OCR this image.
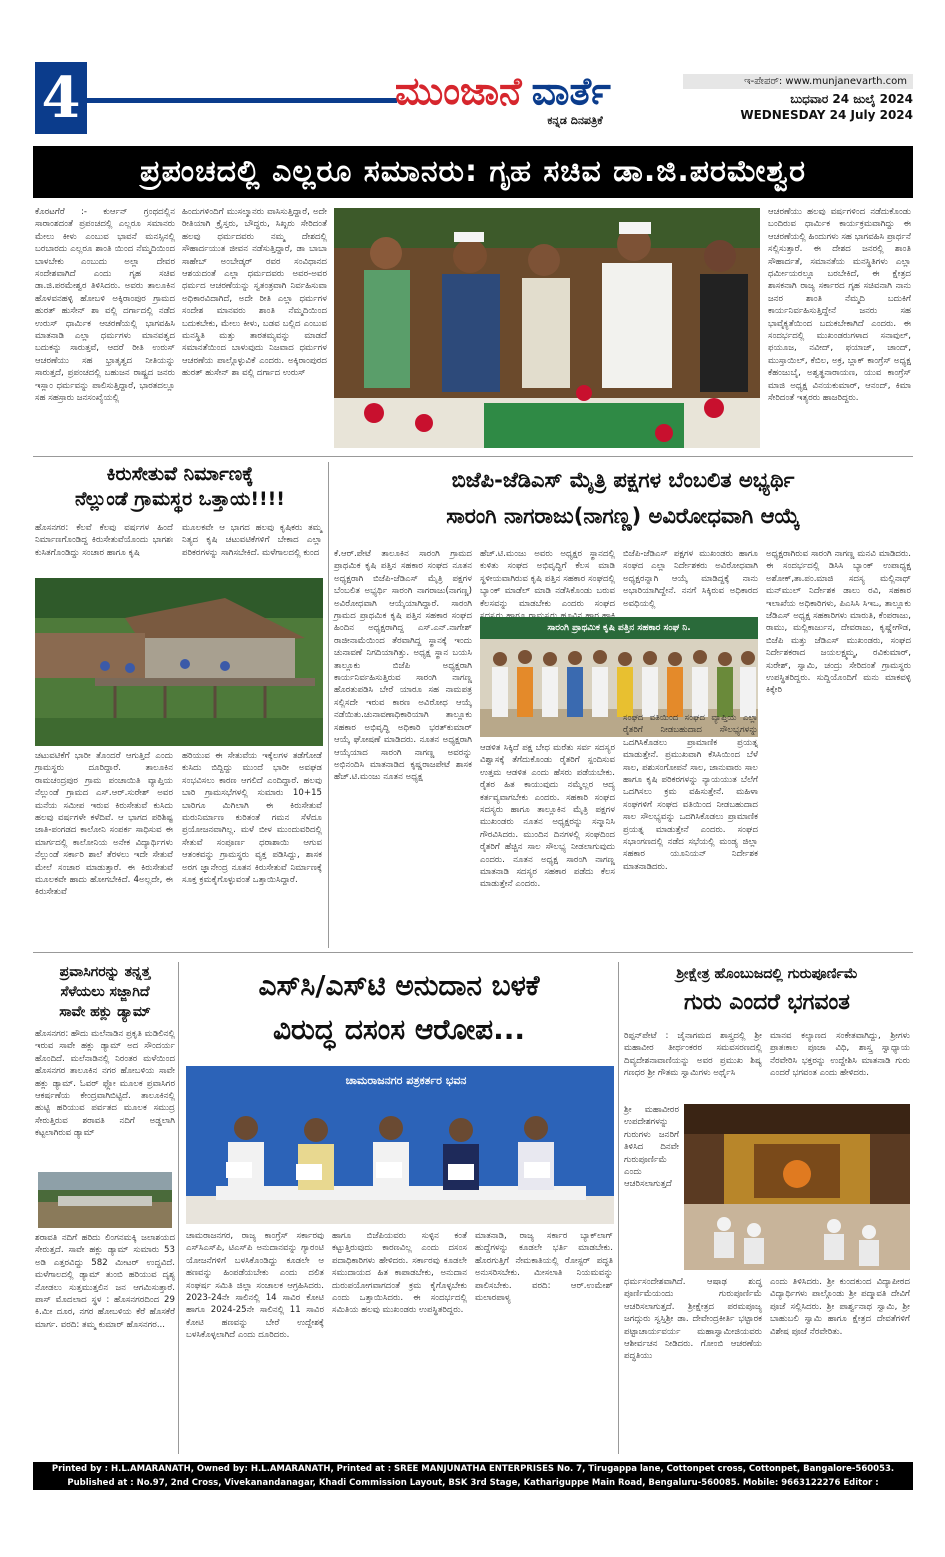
4	ಮುಂಜಾನೆ ವಾರ್ತೆ
ಕನ್ನಡ ದಿನಪತ್ರಿಕೆ
ಇ-ಪೇಪರ್: www.munjanevarth.com
ಬುಧವಾರ 24 ಜುಲೈ 2024
WEDNESDAY 24 July 2024
ಪ್ರಪಂಚದಲ್ಲಿ ಎಲ್ಲರೂ ಸಮಾನರು: ಗೃಹ ಸಚಿವ ಡಾ.ಜಿ.ಪರಮೇಶ್ವರ
ಕೊರಟಗೆರೆ :- ಕುರ್ಆನ್ ಗ್ರಂಥದಲ್ಲಿನ ಸಾರಾಂಶದಂತೆ ಪ್ರಪಂಚದಲ್ಲಿ ಎಲ್ಲರೂ ಸಮಾನರು ಮೇಲು ಕೀಳು ಎಂಬುವ ಭಾವನೆ ಮನಸ್ಸಿನಲ್ಲಿ ಬರಬಾರದು ಎಲ್ಲರೂ ಶಾಂತಿ ಯಿಂದ ನೆಮ್ಮದಿಯಿಂದ ಬಾಳಬೇಕು ಎಂಬುದು ಅಲ್ಲಾ ದೇವರ ಸಂದೇಶವಾಗಿದೆ ಎಂದು ಗೃಹ ಸಚಿವ ಡಾ.ಜಿ.ಪರಮೇಶ್ವರ ತಿಳಿಸಿದರು. ಅವರು ತಾಲೂಕಿನ ಹೊಳವನಹಳ್ಳಿ ಹೋಬಳಿ ಅಕ್ಕಿರಾಂಪುರ ಗ್ರಾಮದ ಹುರತ್ ಹುಸೇನ್ ಶಾ ವಲ್ಲಿ ದರ್ಗಾದಲ್ಲಿ ನಡೆದ ಉರುಸ್ ಧಾರ್ಮಿಕ ಆಚರಣೆಯಲ್ಲಿ ಭಾಗವಹಿಸಿ ಮಾತನಾಡಿ ಎಲ್ಲಾ ಧರ್ಮಗಳು ಮಾನವತ್ವದ ಬದುಕನ್ನು ಸಾರುತ್ತವೆ, ಆದರೆ ರೀತಿ ಉರುಸ್ ಆಚರಣೆಯು ಸಹ ಭ್ರಾತೃತ್ವದ ನೀತಿಯನ್ನು ಸಾರುತ್ತದೆ, ಪ್ರಪಂಚದಲ್ಲಿ ಬಹುಜನ ರಾಷ್ಟ್ರದ ಜನರು ಇಸ್ಲಾಂ ಧರ್ಮವನ್ನು ಪಾಲಿಸುತ್ತಿದ್ದಾರೆ, ಭಾರತದಲ್ಲೂ ಸಹ ಸಹಸ್ರಾರು ಜನಸಂಖ್ಯೆಯಲ್ಲಿ
ಹಿಂದುಗಳಿಂದಿಗೆ ಮುಸಲ್ಮಾನರು ವಾಸಿಸುತ್ತಿದ್ದಾರೆ, ಅದೇ ರೀತಿಯಾಗಿ ಕ್ರೈಸ್ತರು, ಬೌದ್ಧರು, ಸಿಖ್ಖರು ಸೇರಿದಂತೆ ಹಲವು ಧರ್ಮದವರು ನಮ್ಮ ದೇಶದಲ್ಲಿ ಸೌಹಾರ್ದಯುತ ಜೀವನ ನಡೆಸುತ್ತಿದ್ದಾರೆ, ಡಾ ಬಾಬಾ ಸಾಹೇಬ್ ಅಂಬೇಡ್ಕರ್ ರವರ ಸಂವಿಧಾನದ ಆಶಯದಂತೆ ಎಲ್ಲಾ ಧರ್ಮದವರು ಅವರ-ಅವರ ಧರ್ಮದ ಆಚರಣೆಯನ್ನು ಸ್ವತಂತ್ರವಾಗಿ ನಿರ್ವಹಿಸುವಾ ಅಧಿಕಾರವಿದಾಗಿದೆ, ಅದೇ ರೀತಿ ಎಲ್ಲಾ ಧರ್ಮಗಳ ಸಂದೇಶ ಮಾನವರು ಶಾಂತಿ ನೆಮ್ಮದಿಯಿಂದ ಬದುಕಬೇಕು, ಮೇಲು ಕೀಳು, ಬಡವ ಬಲ್ಲಿದ ಎಂಬುವ ಮನಸ್ಥಿತಿ ಮತ್ತು ತಾರತಮ್ಯವನ್ನು ಮಾಡದೆ ಸಮಾನತೆಯಿಂದ ಬಾಳುವುದು ನಿಜವಾದ ಧರ್ಮಗಳ ಆಚರಣೆಯ ಪಾಲ್ಗೊಳ್ಳುವಿಕೆ ಎಂದರು. ಅಕ್ಕಿರಾಂಪುರದ ಹುರತ್ ಹುಸೇನ್ ಶಾ ವಲ್ಲಿ ದರ್ಗಾದ ಉರುಸ್
ಆಚರಣೆಯು ಹಲವು ವರ್ಷಗಳಿಂದ ನಡೆದುಕೊಂಡು ಬಂದಿರುವ ಧಾರ್ಮಿಕ ಕಾರ್ಯಕ್ರಮವಾಗಿದ್ದು ಈ ಆಚರಣೆಯಲ್ಲಿ ಹಿಂದುಗಳು ಸಹ ಭಾಗವಹಿಸಿ ಪ್ರಾರ್ಥನೆ ಸಲ್ಲಿಸುತ್ತಾರೆ. ಈ ದೇಶದ ಜನರಲ್ಲಿ ಶಾಂತಿ ಸೌಹಾರ್ದತೆ, ಸಮಾನತೆಯ ಮನಸ್ಥಿತಿಗಳು ಎಲ್ಲಾ ಧರ್ಮೀಯರಲ್ಲೂ ಬರಬೇಕಿದೆ, ಈ ಕ್ಷೇತ್ರದ ಶಾಸಕನಾಗಿ ರಾಜ್ಯ ಸರ್ಕಾರದ ಗೃಹ ಸಚಿವನಾಗಿ ನಾನು ಜನರ ಶಾಂತಿ ನೆಮ್ಮದಿ ಬದುಕಿಗೆ ಕಾರ್ಯನಿರ್ವಹಿಸುತ್ತಿದ್ದೇನೆ ಜನರು ಸಹ ಭಾವೈಕ್ಯತೆಯಿಂದ ಬದುಕಬೇಕಾಗಿದೆ ಎಂದರು. ಈ ಸಂದರ್ಭದಲ್ಲಿ ಮುಖಂಡರುಗಳಾದ ಸನಾವುಲ್, ಫಯೂಜ, ನವೀದ್, ಫಯಾಜ್, ಚಾಂದ್, ಮುಸ್ತಾಯಿಲ್, ಕೆಬಿಲ, ಅಕ್ರ, ಬ್ಲಾಕ್ ಕಾಂಗ್ರೆಸ್ ಅಧ್ಯಕ್ಷ ಕೆಹಂಜುಬೈ, ಅಶ್ವತ್ಥನಾರಾಯಣ, ಯುವ ಕಾಂಗ್ರೆಸ್ ಮಾಜಿ ಅಧ್ಯಕ್ಷ ವಿನಯಕುಮಾರ್, ಆನಂದ್, ಕಿಮಾ ಸೇರಿದಂತೆ ಇತ್ಯರರು ಹಾಜರಿದ್ದರು.
ಕಿರುಸೇತುವೆ ನಿರ್ಮಾಣಕ್ಕೆ
ನೆಲ್ಲುಂಡೆ ಗ್ರಾಮಸ್ಥರ ಒತ್ತಾಯ!!!!
ಹೊಸನಗರ: ಕೆಲವೆ ಕೆಲವು ವರ್ಷಗಳ ಹಿಂದೆ ನಿರ್ಮಾಣಗೊಂಡಿದ್ದ ಕಿರುಸೇತುವೆಯೊಂದು ಭಾಗಶಃ ಕುಸಿತಗೊಂಡಿದ್ದು ಸಂಚಾರ ಹಾಗೂ ಕೃಷಿ
ಮೂಲಕವೇ ಆ ಭಾಗದ ಹಲವು ಕೃಷಿಕರು ತಮ್ಮ ನಿತ್ಯದ ಕೃಷಿ ಚಟುವಟಿಕೆಗಳಿಗೆ ಬೇಕಾದ ಎಲ್ಲಾ ಪರಿಕರಗಳನ್ನು ಸಾಗಿಸಬೇಕಿದೆ. ಮಳೆಗಾಲದಲ್ಲಿ ಕುಂದ
ಚಟುವಟಿಕೆಗೆ ಭಾರೀ ತೊಂದರೆ ಆಗುತ್ತಿದೆ ಎಂದು ಗ್ರಾಮಸ್ಥರು ದೂರಿದ್ದಾರೆ. ತಾಲೂಕಿನ ರಾಮಚಂದ್ರಪುರ ಗ್ರಾಮ ಪಂಚಾಯಿತಿ ವ್ಯಾಪ್ತಿಯ ನೆಲ್ಲುಂಡೆ ಗ್ರಾಮದ ಎಸ್.ಆರ್.ಸುರೇಶ್ ಅವರ ಮನೆಯ ಸಮೀಪ ಇರುವ ಕಿರುಸೇತುವೆ ಕುಸಿದು ಹಲವು ವರ್ಷಗಳೇ ಕಳೆದಿವೆ. ಆ ಭಾಗದ ಪರಿಶಿಷ್ಟ ಜಾತಿ-ಪಂಗಡದ ಕಾಲೋನಿ ಸಂಪರ್ಕ ಸಾಧಿಸುವ ಈ ಮಾರ್ಗದಲ್ಲಿ ಕಾಲೋನಿಯ ಅನೇಕ ವಿದ್ಯಾರ್ಥಿಗಳು ನೆಲ್ಲುಂಡೆ ಸರ್ಕಾರಿ ಶಾಲೆ ತೆರಳಲು ಇದೇ ಸೇತುವೆ ಮೇಲೆ ಸಂಚಾರ ಮಾಡುತ್ತಾರೆ. ಈ ಕಿರುಸೇತುವೆ ಮೂಲಕವೇ ಹಾದು ಹೋಗಬೇಕಿದೆ. 4ಅಲ್ಲದೇ, ಈ ಕಿರುಸೇತುವೆ
ಹರಿಯುವ ಈ ಸೇತುವೆಯ ಇಕ್ಕೆಲಗಳ ತಡೆಗೋಡೆ ಕುಸಿದು ಬಿದ್ದಿದ್ದು ಮುಂದೆ ಭಾರೀ ಅವಘಡ ಸಂಭವಿಸಲು ಕಾರಣ ಆಗಲಿದೆ ಎಂದಿದ್ದಾರೆ. ಹಲವು ಬಾರಿ ಗ್ರಾಮಸಭೆಗಳಲ್ಲಿ ಸುಮಾರು 10+15 ಬಾರಿಗೂ ಮಿಗಿಲಾಗಿ ಈ ಕಿರುಸೇತುವೆ ಮರುನಿರ್ಮಾಣ ಕುರಿತಂತೆ ಗಮನ ಸೆಳೆದೂ ಪ್ರಯೋಜನವಾಗಿಲ್ಲ. ಮಳೆ ಬೀಳ ಮುಂದುವರಿದಲ್ಲಿ ಸೇತುವೆ ಸಂಪೂರ್ಣ ಧರಾಶಾಯಿ ಆಗುವ ಆತಂಕವನ್ನು ಗ್ರಾಮಸ್ಥರು ವ್ಯಕ್ತ ಪಡಿಸಿದ್ದು, ಶಾಸಕ ಅರಗ ಜ್ಞಾನೇಂದ್ರ ನೂತನ ಕಿರುಸೇತುವೆ ನಿರ್ಮಾಣಕ್ಕೆ ಸೂಕ್ತ ಕ್ರಮಕೈಗೊಳ್ಳುವಂತೆ ಒತ್ತಾಯಿಸಿದ್ದಾರೆ.
ಬಿಜೆಪಿ-ಜೆಡಿಎಸ್ ಮೈತ್ರಿ ಪಕ್ಷಗಳ ಬೆಂಬಲಿತ ಅಭ್ಯರ್ಥಿ
ಸಾರಂಗಿ ನಾಗರಾಜು(ನಾಗಣ್ಣ) ಅವಿರೋಧವಾಗಿ ಆಯ್ಕೆ
ಕೆ.ಆರ್.ಪೇಟೆ ತಾಲೂಕಿನ ಸಾರಂಗಿ ಗ್ರಾಮದ ಪ್ರಾಥಮಿಕ ಕೃಷಿ ಪತ್ತಿನ ಸಹಕಾರ ಸಂಘದ ನೂತನ ಅಧ್ಯಕ್ಷರಾಗಿ ಬಿಜೆಪಿ-ಜೆಡಿಎಸ್ ಮೈತ್ರಿ ಪಕ್ಷಗಳ ಬೆಂಬಲಿತ ಅಭ್ಯರ್ಥಿ ಸಾರಂಗಿ ನಾಗರಾಜು(ನಾಗಣ್ಣ) ಅವಿರೋಧವಾಗಿ ಆಯ್ಕೆಯಾಗಿದ್ದಾರೆ. ಸಾರಂಗಿ ಗ್ರಾಮದ ಪ್ರಾಥಮಿಕ ಕೃಷಿ ಪತ್ತಿನ ಸಹಕಾರ ಸಂಘದ ಹಿಂದಿನ ಅಧ್ಯಕ್ಷರಾಗಿದ್ದ ಎಸ್.ಎನ್.ನಾಗೇಶ್ ರಾಜೀನಾಮೆಯಿಂದ ತೆರವಾಗಿದ್ದ ಸ್ಥಾನಕ್ಕೆ ಇಂದು ಚುನಾವಣೆ ನಿಗದಿಯಾಗಿತ್ತು. ಅಧ್ಯಕ್ಷ ಸ್ಥಾನ ಬಯಸಿ ತಾಲ್ಲೂಕು ಬಿಜೆಪಿ ಅಧ್ಯಕ್ಷರಾಗಿ ಕಾರ್ಯನಿರ್ವಹಿಸುತ್ತಿರುವ ಸಾರಂಗಿ ನಾಗಣ್ಣ ಹೊರತುಪಡಿಸಿ ಬೇರೆ ಯಾರೂ ಸಹ ನಾಮಪತ್ರ ಸಲ್ಲಿಸದೇ ಇರುವ ಕಾರಣ ಅವಿರೋಧ ಆಯ್ಕೆ ನಡೆಯಿತು.ಚುನಾವಣಾಧಿಕಾರಿಯಾಗಿ ತಾಲ್ಲೂಕು ಸಹಕಾರ ಅಭಿವೃದ್ಧಿ ಅಧಿಕಾರಿ ಭರತ್‌ಕುಮಾರ್ ಆಯ್ಕೆ ಘೋಷಣೆ ಮಾಡಿದರು. ನೂತನ ಅಧ್ಯಕ್ಷರಾಗಿ ಆಯ್ಕೆಯಾದ ಸಾರಂಗಿ ನಾಗಣ್ಣ ಅವರನ್ನು ಅಭಿನಂದಿಸಿ ಮಾತನಾಡಿದ ಕೃಷ್ಣರಾಜಪೇಟೆ ಶಾಸಕ ಹೆಚ್.ಟಿ.ಮಂಜು ನೂತನ ಅಧ್ಯಕ್ಷ
ಹೆಚ್.ಟಿ.ಮಂಜು ಅವರು ಅಧ್ಯಕ್ಷರ ಸ್ಥಾನದಲ್ಲಿ ಕುಳಿತು ಸಂಘದ ಅಭಿವೃದ್ಧಿಗೆ ಕೆಲಸ ಮಾಡಿ ಸ್ಥಳೀಯವಾಗಿರುವ ಕೃಷಿ ಪತ್ತಿನ ಸಹಕಾರ ಸಂಘದಲ್ಲಿ ಬ್ಯಾಂಕ್ ಮಾಡೆಲ್ ಮಾಡಿ ನಡೆಸಿಕೊಂಡು ಬರುವ ಕೆಲಸವನ್ನು ಮಾಡಬೇಕು ಎಂದರು ಸಂಘದ
ಬಿಜೆಪಿ-ಜೆಡಿಎಸ್ ಪಕ್ಷಗಳ ಮುಖಂಡರು ಹಾಗೂ ಸಂಘದ ಎಲ್ಲಾ ನಿರ್ದೇಶಕರು ಅವಿರೋಧವಾಗಿ ಅಧ್ಯಕ್ಷರನ್ನಾಗಿ ಆಯ್ಕೆ ಮಾಡಿದ್ದಕ್ಕೆ ನಾನು ಅಭಾರಿಯಾಗಿದ್ದೇನೆ. ನನಗೆ ಸಿಕ್ಕಿರುವ ಅಧಿಕಾರದ ಅವಧಿಯಲ್ಲಿ
ಸಾರಂಗಿ ಪ್ರಾಥಮಿಕ ಕೃಷಿ ಪತ್ತಿನ ಸಹಕಾರ ಸಂಘ ನಿ.
ಆಡಳಿತ ಸಿಕ್ಕಿದೆ ಪಕ್ಷ ಬೇಧ ಮರೆತು ಸರ್ವ ಸದಸ್ಯರ ವಿಶ್ವಾಸಕ್ಕೆ ತೆಗೆದುಕೊಂಡು ರೈತರಿಗೆ ಸ್ಪಂದಿಸುವ ಉತ್ತಮ ಆಡಳಿತ ಎಂದು ಹೆಸರು ಪಡೆಯಬೇಕು. ರೈತರ ಹಿತ ಕಾಯುವುದು ನಮ್ಮೆಲ್ಲರ ಆದ್ಯ ಕರ್ತವ್ಯವಾಗಬೇಕು ಎಂದರು. ಸಹಕಾರಿ ಸಂಘದ ಸದಸ್ಯರು ಹಾಗೂ ತಾಲ್ಲೂಕಿನ ಮೈತ್ರಿ ಪಕ್ಷಗಳ ಮುಖಂಡರು ನೂತನ ಅಧ್ಯಕ್ಷರನ್ನು ಸನ್ಮಾನಿಸಿ ಗೌರವಿಸಿದರು. ಮುಂದಿನ ದಿನಗಳಲ್ಲಿ ಸಂಘದಿಂದ ರೈತರಿಗೆ ಹೆಚ್ಚಿನ ಸಾಲ ಸೌಲಭ್ಯ ನೀಡಲಾಗುವುದು ಎಂದರು. ನೂತನ ಅಧ್ಯಕ್ಷ ಸಾರಂಗಿ ನಾಗಣ್ಣ ಮಾತನಾಡಿ ಸದಸ್ಯರ ಸಹಕಾರ ಪಡೆದು ಕೆಲಸ ಮಾಡುತ್ತೇನೆ ಎಂದರು.
ಸಂಘದ ವತಿಯಿಂದ ಸಂಘದ ವ್ಯಾಪ್ತಿಯ ಎಲ್ಲಾ ರೈತರಿಗೆ ನೀಡಬಹುದಾದ ಸೌಲಭ್ಯಗಳನ್ನು ಒದಗಿಸಿಕೊಡಲು ಪ್ರಾಮಾಣಿಕ ಪ್ರಯತ್ನ ಮಾಡುತ್ತೇನೆ. ಪ್ರಮುಖವಾಗಿ ಕೆಸಿಸಿಯಿಂದ ಬೆಳೆ ಸಾಲ, ಪಶುಸಂಗೋಪನೆ ಸಾಲ, ಜಾನುವಾರು ಸಾಲ ಹಾಗೂ ಕೃಷಿ ಪರಿಕರಗಳನ್ನು ನ್ಯಾಯಯುತ ಬೆಲೆಗೆ ಒದಗಿಸಲು ಕ್ರಮ ವಹಿಸುತ್ತೇನೆ. ಮಹಿಳಾ ಸಂಘಗಳಿಗೆ ಸಂಘದ ವತಿಯಿಂದ ನೀಡಬಹುದಾದ ಸಾಲ ಸೌಲಭ್ಯವನ್ನು ಒದಗಿಸಿಕೊಡಲು ಪ್ರಾಮಾಣಿಕ ಪ್ರಯತ್ನ ಮಾಡುತ್ತೇನೆ ಎಂದರು. ಸಂಘದ ಸಭಾಂಗಣದಲ್ಲಿ ನಡೆದ ಸಭೆಯಲ್ಲಿ ಮಂಡ್ಯ ಜಿಲ್ಲಾ ಸಹಕಾರ ಯೂನಿಯನ್ ನಿರ್ದೇಶಕ ಮಾತನಾಡಿದರು.
ಅಧ್ಯಕ್ಷರಾಗಿರುವ ಸಾರಂಗಿ ನಾಗಣ್ಣ ಮನವಿ ಮಾಡಿದರು. ಈ ಸಂದರ್ಭದಲ್ಲಿ ಡಿಸಿಸಿ ಬ್ಯಾಂಕ್ ಉಪಾಧ್ಯಕ್ಷ ಅಶೋಕ್,ತಾ.ಪಂ.ಮಾಜಿ ಸದಸ್ಯ ಮಲ್ಲಿನಾಥ್ ಮನ್‌ಮುಲ್ ನಿರ್ದೇಶಕ ಡಾಲು ರವಿ, ಸಹಕಾರ ಇಲಾಖೆಯ ಅಧಿಕಾರಿಗಳು, ಪಿಎಸಿಸಿ ಸಿಇಒ, ತಾಲ್ಲೂಕು ಜೆಡಿಎಸ್ ಅಧ್ಯಕ್ಷ ಸಹಕಾರಿಗಳು ಮಾರುತಿ, ಕೆಂಪರಾಜು, ರಾಮು, ಮಲ್ಲಿಕಾರ್ಜುನ, ದೇವರಾಜು, ಕೃಷ್ಣೇಗೌಡ, ಬಿಜೆಪಿ ಮತ್ತು ಜೆಡಿಎಸ್ ಮುಖಂಡರು, ಸಂಘದ ನಿರ್ದೇಶಕರಾದ ಜಯಲಕ್ಷ್ಮಮ್ಮ, ರವಿಕುಮಾರ್, ಸುರೇಶ್, ಸ್ವಾಮಿ, ಚಂದ್ರು ಸೇರಿದಂತೆ ಗ್ರಾಮಸ್ಥರು ಉಪಸ್ಥಿತರಿದ್ದರು. ಸುದ್ದಿಯೊಂದಿಗೆ ಮನು ಮಾಕವಳ್ಳಿ ಕಿಕ್ಕೇರಿ
ಪ್ರವಾಸಿಗರನ್ನು ತನ್ನತ್ತ
ಸೆಳೆಯಲು ಸಜ್ಜಾಗಿದೆ
ಸಾವೇ ಹಕ್ಲು ಡ್ಯಾಮ್
ಹೊಸನಗರ: ಹೌದು ಮಲೆನಾಡಿನ ಪ್ರಕೃತಿ ಮಡಿಲಿನಲ್ಲಿ ಇರುವ ಸಾವೇ ಹಕ್ಲು ಡ್ಯಾಮ್ ಅದ ಸೌಂದರ್ಯ ಹೊಂದಿದೆ. ಮಲೆನಾಡಿನಲ್ಲಿ ನಿರಂತರ ಮಳೆಯಿಂದ ಹೊಸನಗರ ತಾಲೂಕಿನ ನಗರ ಹೋಬಳಿಯ ಸಾವೇ ಹಕ್ಲು ಡ್ಯಾಮ್. ಓವರ್ ಫ್ಲೋ ಮೂಲಕ ಪ್ರವಾಸಿಗರ ಆಕರ್ಷಣೆಯ ಕೇಂದ್ರವಾಗಿಬಿಟ್ಟಿದೆ. ತಾಲೂಕಿನಲ್ಲಿ ಹುಟ್ಟಿ ಹರಿಯುವ ಪರ್ವತದ ಮೂಲಕ ಸಮುದ್ರ ಸೇರುತ್ತಿರುವ ಶರಾವತಿ ನದಿಗೆ ಅಡ್ಡಲಾಗಿ ಕಟ್ಟಲಾಗಿರುವ ಡ್ಯಾಮ್
ಶರಾವತಿ ನದಿಗೆ ಹರಿದು ಲಿಂಗನಮಕ್ಕಿ ಜಲಾಶಯದ ಸೇರುತ್ತದೆ. ಸಾವೇ ಹಕ್ಲು ಡ್ಯಾಮ್ ಸುಮಾರು 53 ಅಡಿ ಎತ್ತರವಿದ್ದು 582 ಮೀಟರ್ ಉದ್ದವಿದೆ. ಮಳೆಗಾಲದಲ್ಲಿ ಡ್ಯಾಮ್ ತುಂಬಿ ಹರಿಯುವ ದೃಶ್ಯ ನೋಡಲು ಸುತ್ತಮುತ್ತಲಿನ ಜನ ಆಗಮಿಸುತ್ತಾರೆ. ಪಾಸ್ ಮೊದಲಾದ ಸ್ಥಳ : ಹೊಸನಗರದಿಂದ 29 ಕಿ.ಮೀ ದೂರ, ನಗರ ಹೋಬಳಿಯ ಕೆರೆ ಹೊಸಕೆರೆ ಮಾರ್ಗ. ವರದಿ: ತಮ್ಮ ಕುಮಾರ್ ಹೊಸನಗರ...
ಎಸ್‌ಸಿ/ಎಸ್‌ಟಿ ಅನುದಾನ ಬಳಕೆ
ವಿರುದ್ಧ ದಸಂಸ ಆರೋಪ...
ಚಾಮರಾಜನಗರ ಪತ್ರಕರ್ತರ ಭವನ
ಚಾಮರಾಜನಗರ, ರಾಜ್ಯ ಕಾಂಗ್ರೆಸ್ ಸರ್ಕಾರವು ಎಸ್‌ಸಿಎಸ್‌ಪಿ, ಟಿಎಸ್‌ಪಿ ಅನುದಾನವನ್ನು ಗ್ಯಾರಂಟಿ ಯೋಜನೆಗಳಿಗೆ ಬಳಸಿಕೊಂಡಿದ್ದು ಕೂಡಲೇ ಆ ಹಣವನ್ನು ಹಿಂಪಡೆಯಬೇಕು ಎಂದು ದಲಿತ ಸಂಘರ್ಷ ಸಮಿತಿ ಜಿಲ್ಲಾ ಸಂಚಾಲಕ ಆಗ್ರಹಿಸಿದರು. 2023-24ನೇ ಸಾಲಿನಲ್ಲಿ 14 ಸಾವಿರ ಕೋಟಿ ಹಾಗೂ 2024-25ನೇ ಸಾಲಿನಲ್ಲಿ 11 ಸಾವಿರ ಕೋಟಿ ಹಣವನ್ನು ಬೇರೆ ಉದ್ದೇಶಕ್ಕೆ ಬಳಸಿಕೊಳ್ಳಲಾಗಿದೆ ಎಂದು ದೂರಿದರು.
ಹಾಗೂ ಬಿಜೆಪಿಯವರು ಸುಳ್ಳಿನ ಕಂತೆ ಕಟ್ಟುತ್ತಿರುವುದು ಕಾರಣವಿಲ್ಲ ಎಂದು ದಸಂಸ ಪದಾಧಿಕಾರಿಗಳು ಹೇಳಿದರು. ಸರ್ಕಾರವು ಕೂಡಲೇ ಸಮುದಾಯದ ಹಿತ ಕಾಪಾಡಬೇಕು, ಅನುದಾನ ದುರುಪಯೋಗವಾಗದಂತೆ ಕ್ರಮ ಕೈಗೊಳ್ಳಬೇಕು ಎಂದು ಒತ್ತಾಯಿಸಿದರು. ಈ ಸಂದರ್ಭದಲ್ಲಿ ಸಮಿತಿಯ ಹಲವು ಮುಖಂಡರು ಉಪಸ್ಥಿತರಿದ್ದರು.
ಮಾತನಾಡಿ, ರಾಜ್ಯ ಸರ್ಕಾರ ಬ್ಯಾಕ್‌ಲಾಗ್ ಹುದ್ದೆಗಳನ್ನು ಕೂಡಲೇ ಭರ್ತಿ ಮಾಡಬೇಕು. ಹೊರಗುತ್ತಿಗೆ ನೇಮಕಾತಿಯಲ್ಲಿ ರೋಸ್ಟರ್ ಪದ್ಧತಿ ಅನುಸರಿಸಬೇಕು. ಮೀಸಲಾತಿ ನಿಯಮವನ್ನು ಪಾಲಿಸಬೇಕು. ವರದಿ: ಆರ್.ಉಮೇಶ್ ಮಲಾರಪಾಳ್ಯ
ಶ್ರೀಕ್ಷೇತ್ರ ಹೊಂಬುಜದಲ್ಲಿ ಗುರುಪೂರ್ಣಿಮೆ
ಗುರು ಎಂದರೆ ಭಗವಂತ
ರಿಪ್ಪನ್‌ಪೇಟೆ : ಜೈನಾಗಮದ ಶಾಸ್ತ್ರದಲ್ಲಿ ಶ್ರೀ ಮಹಾವೀರ ತೀರ್ಥಂಕರರ ಸಮವಸರಣದಲ್ಲಿ ದಿವ್ಯದೇಶನಾವಾಣಿಯನ್ನು ಅವರ ಪ್ರಮುಖ ಶಿಷ್ಯ ಗಣಧರ ಶ್ರೀ ಗೌತಮ ಸ್ವಾಮಿಗಳು ಅರ್ಥೈಸಿ
ಮಾನವ ಕಲ್ಯಾಣದ ಸಂಕೇತವಾಗಿದ್ದು, ಶ್ರೀಗಳು ಪ್ರಾತಃಕಾಲ ಪೂಜಾ ವಿಧಿ, ಶಾಸ್ತ್ರ ಸ್ವಾಧ್ಯಾಯ ನೆರವೇರಿಸಿ ಭಕ್ತರನ್ನು ಉದ್ದೇಶಿಸಿ ಮಾತನಾಡಿ ಗುರು ಎಂದರೆ ಭಗವಂತ ಎಂದು ಹೇಳಿದರು.
ಶ್ರೀ ಮಹಾವೀರರ ಉಪದೇಶಗಳನ್ನು ಗುರುಗಳು ಜನರಿಗೆ ತಿಳಿಸಿದ ದಿನವೇ ಗುರುಪೂರ್ಣಿಮೆ ಎಂದು ಆಚರಿಸಲಾಗುತ್ತದೆ
ಧರ್ಮಸಂದೇಶವಾಗಿದೆ. ಆಷಾಢ ಶುದ್ಧ ಪೂರ್ಣಿಮೆಯಂದು ಗುರುಪೂರ್ಣಿಮೆ ಆಚರಿಸಲಾಗುತ್ತದೆ. ಶ್ರೀಕ್ಷೇತ್ರದ ಪರಮಪೂಜ್ಯ ಜಗದ್ಗುರು ಸ್ವಸ್ತಿಶ್ರೀ ಡಾ. ದೇವೇಂದ್ರಕೀರ್ತಿ ಭಟ್ಟಾರಕ ಪಟ್ಟಾಚಾರ್ಯವರ್ಯ ಮಹಾಸ್ವಾಮೀಜಿಯವರು ಆಶೀರ್ವಚನ ನೀಡಿದರು. ಗೋಂಬಿ ಆಚರಣೆಯ ಪದ್ಧತಿಯು
ಎಂದು ತಿಳಿಸಿದರು. ಶ್ರೀ ಕುಂದಕುಂದ ವಿದ್ಯಾಪೀಠದ ವಿದ್ಯಾರ್ಥಿಗಳು ಪಾಲ್ಗೊಂಡು ಶ್ರೀ ಪದ್ಮಾವತಿ ದೇವಿಗೆ ಪೂಜೆ ಸಲ್ಲಿಸಿದರು. ಶ್ರೀ ಪಾರ್ಶ್ವನಾಥ ಸ್ವಾಮಿ, ಶ್ರೀ ಬಾಹುಬಲಿ ಸ್ವಾಮಿ ಹಾಗೂ ಕ್ಷೇತ್ರದ ದೇವತೆಗಳಿಗೆ ವಿಶೇಷ ಪೂಜೆ ನೆರವೇರಿತು.
Printed by : H.L.AMARANATH, Owned by: H.L.AMARANATH, Printed at : SREE MANJUNATHA ENTERPRISES No. 7, Tirugappa lane, Cottonpet cross, Cottonpet, Bangalore-560053.
Published at : No.97, 2nd Cross, Vivekanandanagar, Khadi Commission Layout, BSK 3rd Stage, Kathariguppe Main Road, Bengaluru-560085. Mobile: 9663122276 Editor : H.L.AMARANATH
